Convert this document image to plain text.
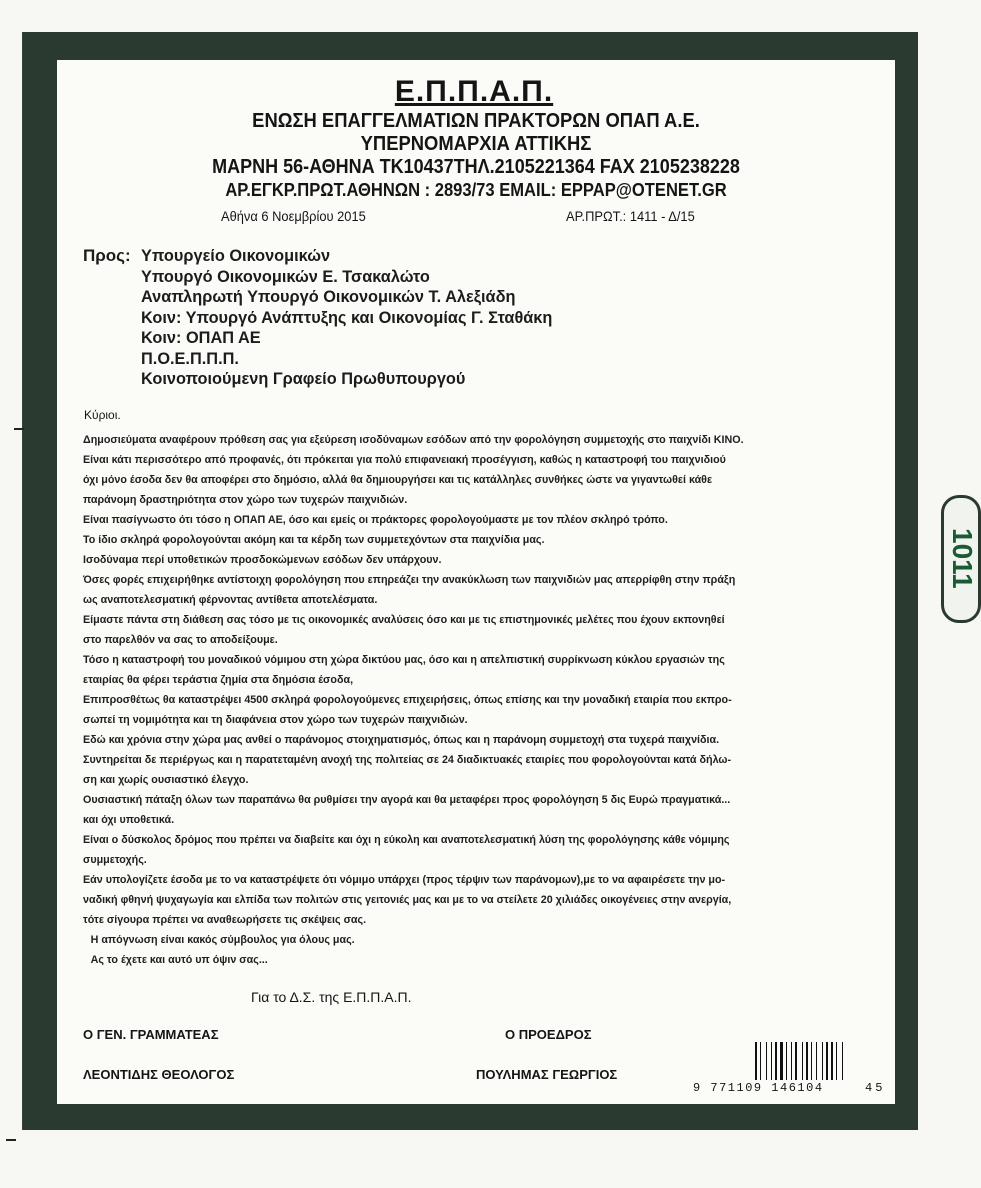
Ε.Π.Π.Α.Π.
ΕΝΩΣΗ ΕΠΑΓΓΕΛΜΑΤΙΩΝ ΠΡΑΚΤΟΡΩΝ ΟΠΑΠ Α.Ε.
ΥΠΕΡΝΟΜΑΡΧΙΑ ΑΤΤΙΚΗΣ
ΜΑΡΝΗ 56-ΑΘΗΝΑ ΤΚ10437ΤΗΛ.2105221364 FAX 2105238228
ΑΡ.ΕΓΚΡ.ΠΡΩΤ.ΑΘΗΝΩΝ : 2893/73 EMAIL: EPPAP@OTENET.GR
Αθήνα 6 Νοεμβρίου 2015	ΑΡ.ΠΡΩΤ.: 1411 - Δ/15
Προς: Υπουργείο Οικονομικών
Υπουργό Οικονομικών Ε. Τσακαλώτο
Αναπληρωτή Υπουργό Οικονομικών Τ. Αλεξιάδη
Κοιν: Υπουργό Ανάπτυξης και Οικονομίας Γ. Σταθάκη
Κοιν: ΟΠΑΠ ΑΕ
Π.Ο.Ε.Π.Π.Π.
Κοινοποιούμενη Γραφείο Πρωθυπουργού
Κύριοι.

Δημοσιεύματα αναφέρουν πρόθεση σας για εξεύρεση ισοδύναμων εσόδων από την φορολόγηση συμμετοχής στο παιχνίδι ΚΙΝΟ.

Είναι κάτι περισσότερο από προφανές, ότι πρόκειται για πολύ επιφανειακή προσέγγιση, καθώς η καταστροφή του παιχνιδιού

όχι μόνο έσοδα δεν θα αποφέρει στο δημόσιο, αλλά θα δημιουργήσει και τις κατάλληλες συνθήκες ώστε να γιγαντωθεί κάθε

παράνομη δραστηριότητα στον χώρο των τυχερών παιχνιδιών.

Είναι πασίγνωστο ότι τόσο η ΟΠΑΠ ΑΕ, όσο και εμείς οι πράκτορες φορολογούμαστε με τον πλέον σκληρό τρόπο.

Το ίδιο σκληρά φορολογούνται ακόμη και τα κέρδη των συμμετεχόντων στα παιχνίδια μας.

Ισοδύναμα περί υποθετικών προσδοκώμενων εσόδων δεν υπάρχουν.

Όσες φορές επιχειρήθηκε αντίστοιχη φορολόγηση που επηρεάζει την ανακύκλωση των παιχνιδιών μας απερρίφθη στην πράξη

ως αναποτελεσματική φέρνοντας αντίθετα αποτελέσματα.

Είμαστε πάντα στη διάθεση σας τόσο με τις οικονομικές αναλύσεις όσο και με τις επιστημονικές μελέτες που έχουν εκπονηθεί

στο παρελθόν να σας το αποδείξουμε.

Τόσο η καταστροφή του μοναδικού νόμιμου στη χώρα δικτύου μας, όσο και η απελπιστική συρρίκνωση κύκλου εργασιών της

εταιρίας θα φέρει τεράστια ζημία στα δημόσια έσοδα,

Επιπροσθέτως θα καταστρέψει 4500 σκληρά φορολογούμενες επιχειρήσεις, όπως επίσης και την μοναδική εταιρία που εκπρο-

σωπεί τη νομιμότητα και τη διαφάνεια στον χώρο των τυχερών παιχνιδιών.

Εδώ και χρόνια στην χώρα μας ανθεί ο παράνομος στοιχηματισμός, όπως και η παράνομη συμμετοχή στα τυχερά παιχνίδια.

Συντηρείται δε περιέργως και η παρατεταμένη ανοχή της πολιτείας σε 24 διαδικτυακές εταιρίες που φορολογούνται κατά δήλω-

ση και χωρίς ουσιαστικό έλεγχο.

Ουσιαστική πάταξη όλων των παραπάνω θα ρυθμίσει την αγορά και θα μεταφέρει προς φορολόγηση 5 δις Ευρώ πραγματικά...

και όχι υποθετικά.

Είναι ο δύσκολος δρόμος που πρέπει να διαβείτε και όχι η εύκολη και αναποτελεσματική λύση της φορολόγησης κάθε νόμιμης

συμμετοχής.

Εάν υπολογίζετε έσοδα με το να καταστρέψετε ότι νόμιμο υπάρχει (προς τέρψιν των παράνομων),με το να αφαιρέσετε την μο-

ναδική φθηνή ψυχαγωγία και ελπίδα των πολιτών στις γειτονιές μας και με το να στείλετε 20 χιλιάδες οικογένειες στην ανεργία,

τότε σίγουρα πρέπει να αναθεωρήσετε τις σκέψεις σας.

Η απόγνωση είναι κακός σύμβουλος για όλους μας.

Ας το έχετε και αυτό υπ όψιν σας...

Για το Δ.Σ. της Ε.Π.Π.Α.Π.
Ο ΓΕΝ. ΓΡΑΜΜΑΤΕΑΣ	Ο ΠΡΟΕΔΡΟΣ
ΛΕΟΝΤΙΔΗΣ ΘΕΟΛΟΓΟΣ	ΠΟΥΛΗΜΑΣ ΓΕΩΡΓΙΟΣ
9 771109 146104	45
1011
